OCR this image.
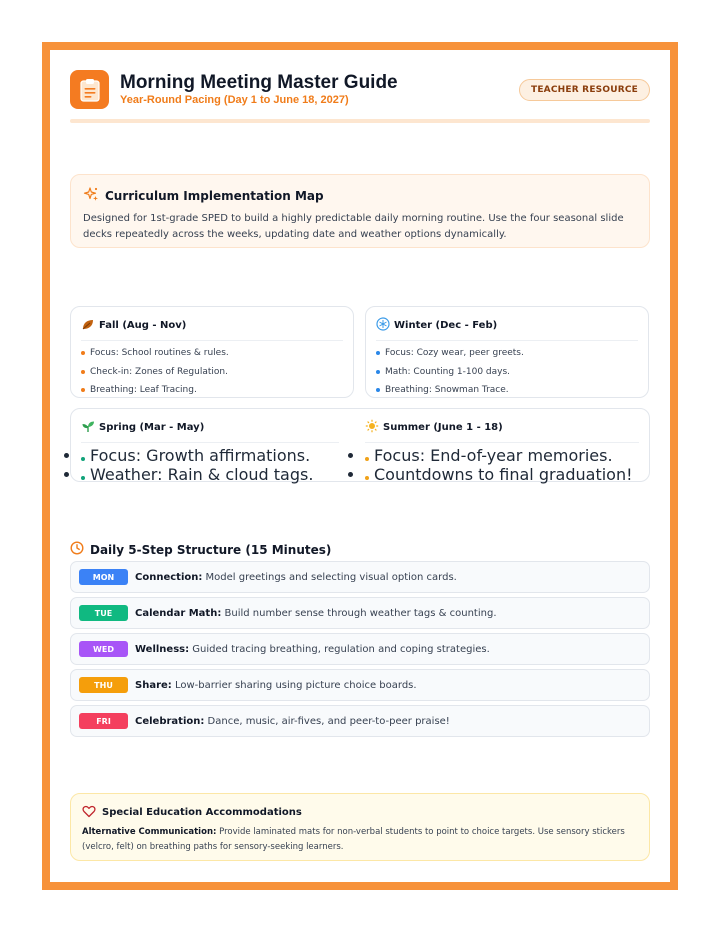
Morning Meeting Master Guide
Year-Round Pacing (Day 1 to June 18, 2027)
TEACHER RESOURCE
Curriculum Implementation Map
Designed for 1st-grade SPED to build a highly predictable daily morning routine. Use the four seasonal slide decks repeatedly across the weeks, updating date and weather options dynamically.
Fall (Aug - Nov)
Focus: School routines & rules.
Check-in: Zones of Regulation.
Breathing: Leaf Tracing.
Winter (Dec - Feb)
Focus: Cozy wear, peer greets.
Math: Counting 1-100 days.
Breathing: Snowman Trace.
Spring (Mar - May)
• Focus: Growth affirmations.
• Weather: Rain & cloud tags.
Summer (June 1 - 18)
• Focus: End-of-year memories.
• Countdowns to final graduation!
Daily 5-Step Structure (15 Minutes)
MON	Connection: Model greetings and selecting visual option cards.
TUE	Calendar Math: Build number sense through weather tags & counting.
WED	Wellness: Guided tracing breathing, regulation and coping strategies.
THU	Share: Low-barrier sharing using picture choice boards.
FRI	Celebration: Dance, music, air-fives, and peer-to-peer praise!
Special Education Accommodations
Alternative Communication: Provide laminated mats for non-verbal students to point to choice targets. Use sensory stickers (velcro, felt) on breathing paths for sensory-seeking learners.
